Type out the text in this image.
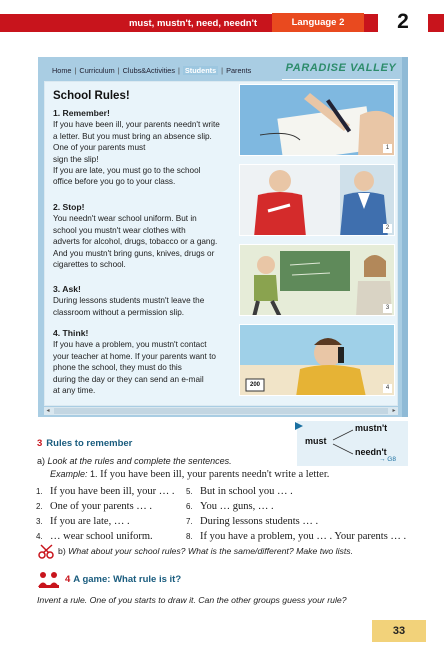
must, mustn't, need, needn't	Language 2	2
Home | Curriculum | Clubs&Activities | Students | Parents	PARADISE VALLEY
School Rules!
1. Remember!
If you have been ill, your parents needn't write
a letter. But you must bring an absence slip.
One of your parents must
sign the slip!
If you are late, you must go to the school
office before you go to your class.
2. Stop!
You needn't wear school uniform. But in
school you mustn't wear clothes with
adverts for alcohol, drugs, tobacco or a gang.
And you mustn't bring guns, knives, drugs or
cigarettes to school.
3. Ask!
During lessons students mustn't leave the
classroom without a permission slip.
4. Think!
If you have a problem, you mustn't contact
your teacher at home. If your parents want to
phone the school, they must do this
during the day or they can send an e-mail
at any time.
1
2
3
200	4
◂	▸
3 Rules to remember	must
mustn't
needn't
→ G8
a) Look at the rules and complete the sentences.
Example: 1. If you have been ill, your parents needn't write a letter.
1. If you have been ill, your … .
2. One of your parents … .
3. If you are late, … .
4. … wear school uniform.
5. But in school you … .
6. You … guns, … .
7. During lessons students … .
8. If you have a problem, you … . Your parents … .
b) What about your school rules? What is the same/different? Make two lists.
4 A game: What rule is it?
Invent a rule. One of you starts to draw it. Can the other groups guess your rule?
33
